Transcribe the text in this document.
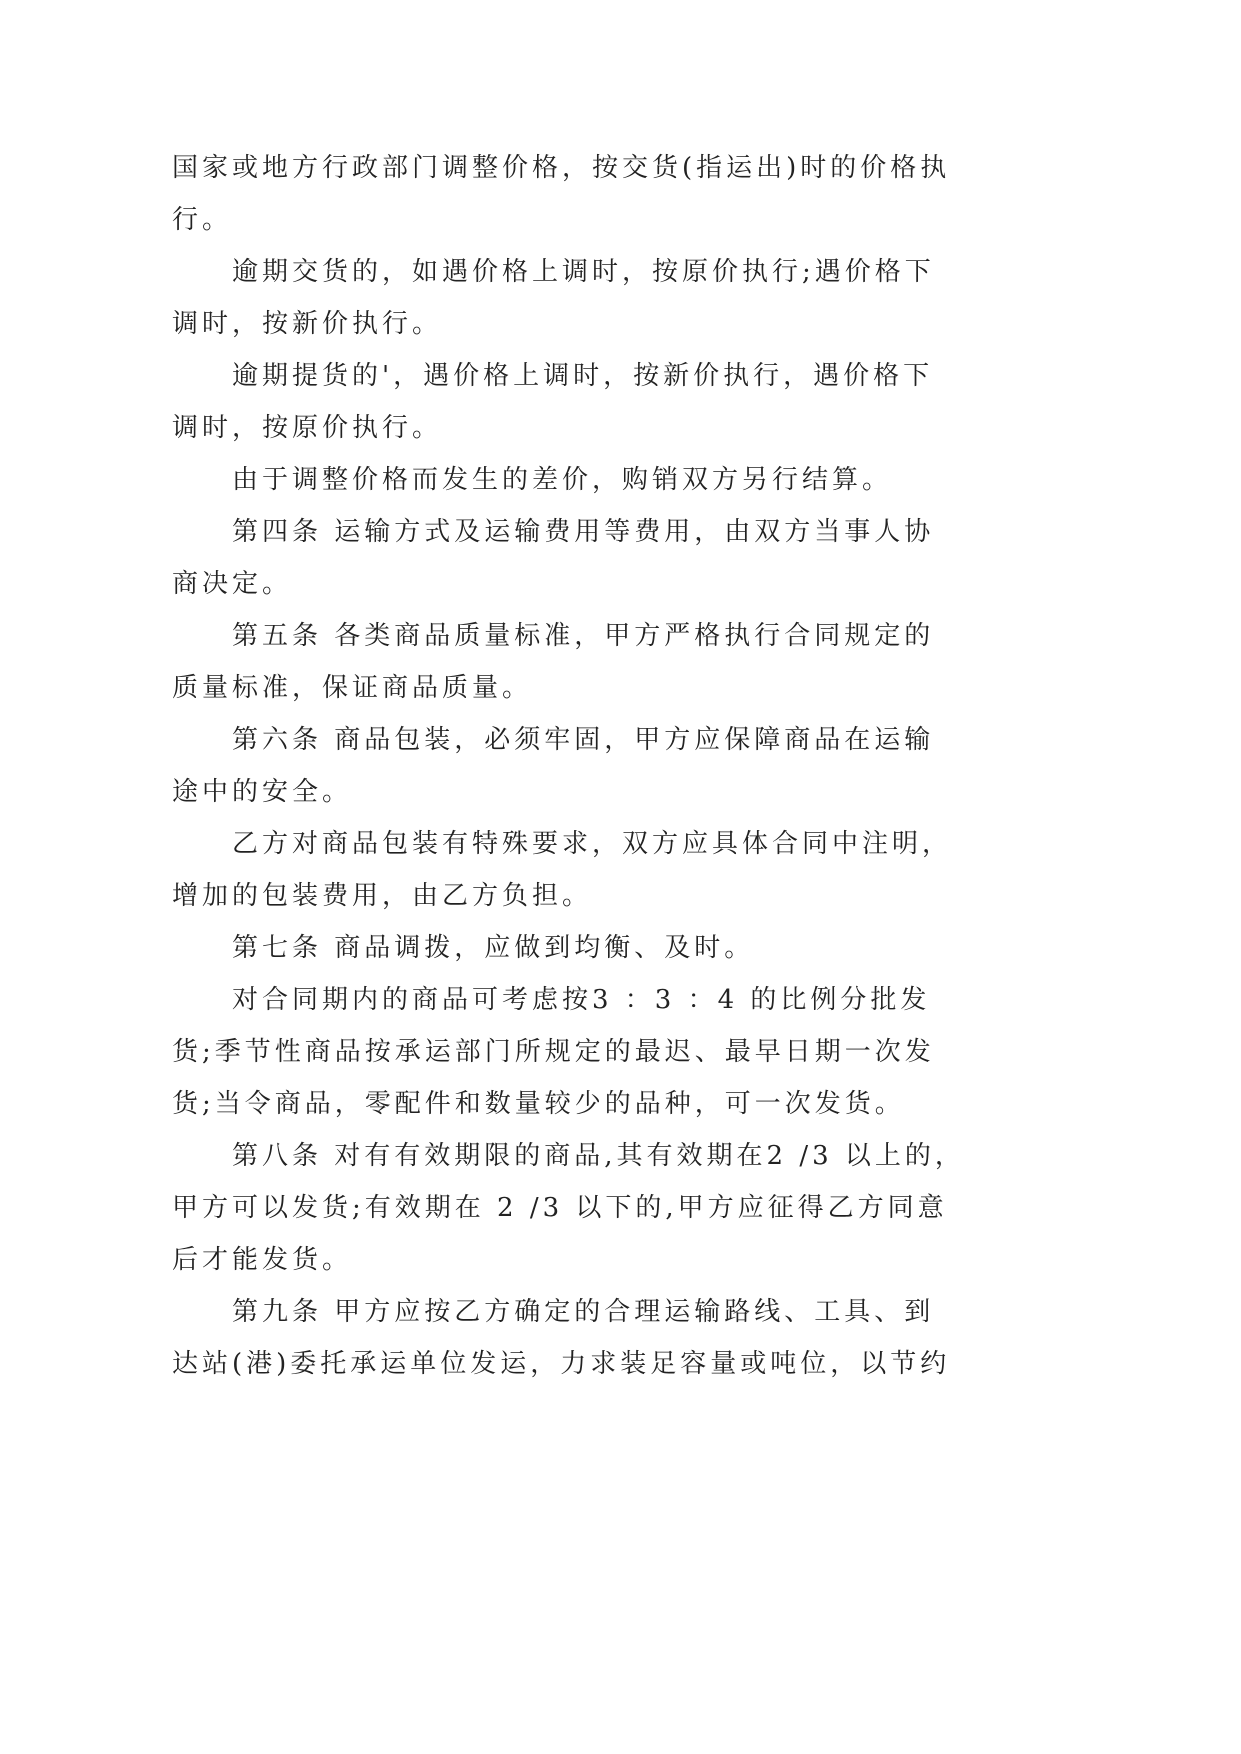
国家或地方行政部门调整价格，按交货(指运出)时的价格执
行。
逾期交货的，如遇价格上调时，按原价执行;遇价格下
调时，按新价执行。
逾期提货的'，遇价格上调时，按新价执行，遇价格下
调时，按原价执行。
由于调整价格而发生的差价，购销双方另行结算。
第四条 运输方式及运输费用等费用，由双方当事人协
商决定。
第五条 各类商品质量标准，甲方严格执行合同规定的
质量标准，保证商品质量。
第六条 商品包装，必须牢固，甲方应保障商品在运输
途中的安全。
乙方对商品包装有特殊要求，双方应具体合同中注明，
增加的包装费用，由乙方负担。
第七条 商品调拨，应做到均衡、及时。
对合同期内的商品可考虑按3 ：3 ：4 的比例分批发
货;季节性商品按承运部门所规定的最迟、最早日期一次发
货;当令商品，零配件和数量较少的品种，可一次发货。
第八条 对有有效期限的商品,其有效期在2 /3 以上的，
甲方可以发货;有效期在 2 /3 以下的,甲方应征得乙方同意
后才能发货。
第九条 甲方应按乙方确定的合理运输路线、工具、到
达站(港)委托承运单位发运，力求装足容量或吨位，以节约
